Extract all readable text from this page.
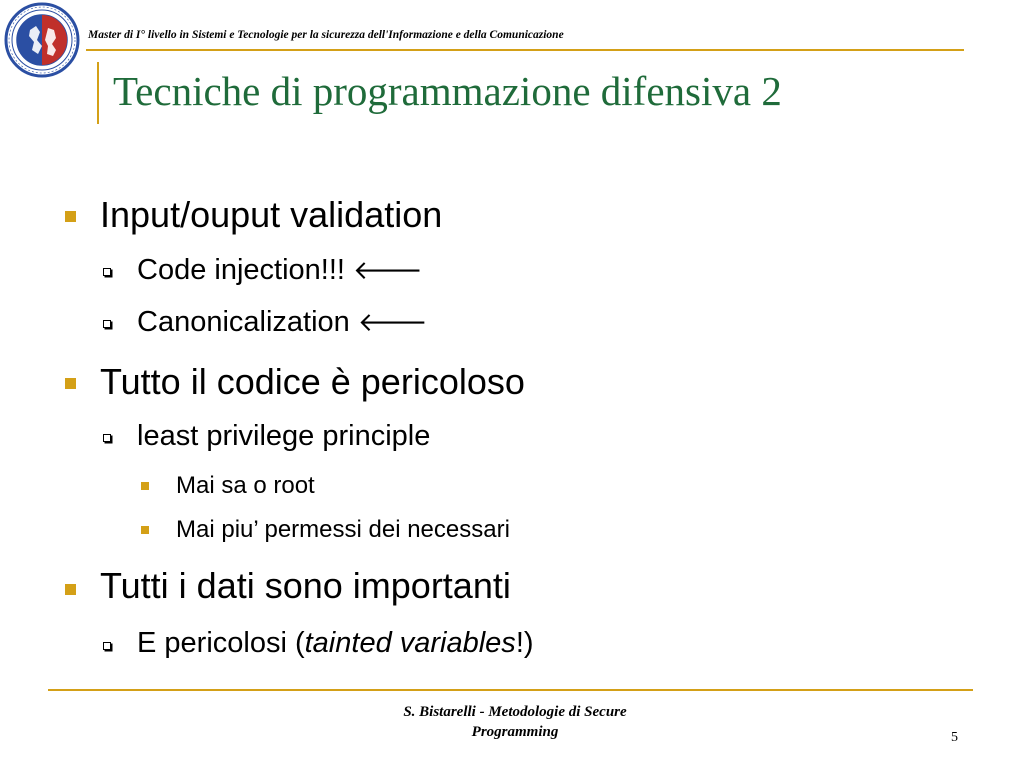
Master di I° livello in Sistemi e Tecnologie per la sicurezza dell'Informazione e della Comunicazione
Tecniche di programmazione difensiva 2
Input/ouput validation
Code injection!!! 🡐
Canonicalization 🡐
Tutto il codice è pericoloso
least privilege principle
Mai sa o root
Mai piu’ permessi dei necessari
Tutti i dati sono importanti
E pericolosi (tainted variables!)
S. Bistarelli - Metodologie di Secure
Programming	5
